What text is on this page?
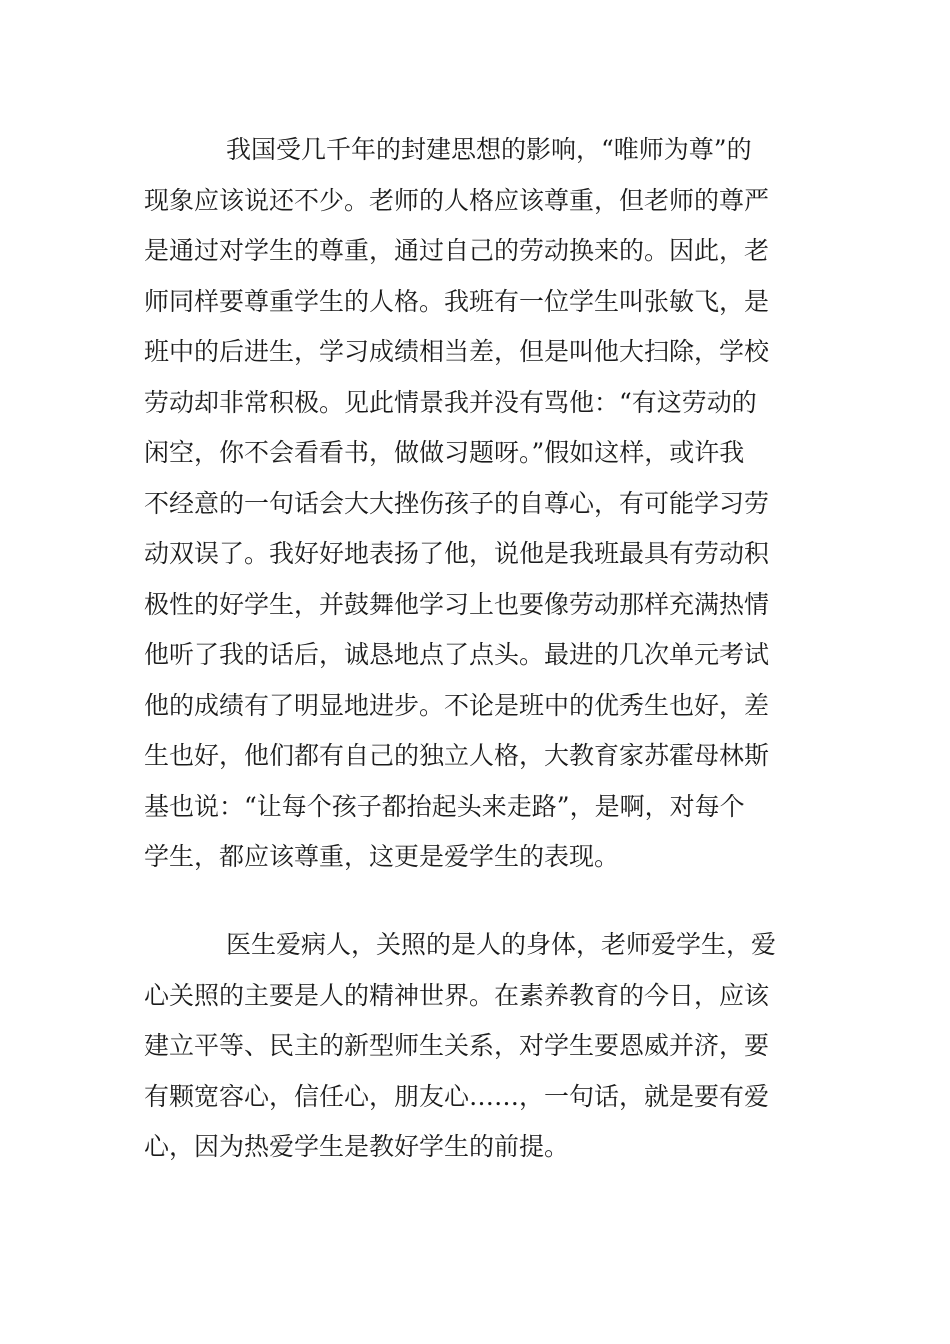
我国受几千年的封建思想的影响，“唯师为尊”的
现象应该说还不少。老师的人格应该尊重，但老师的尊严
是通过对学生的尊重，通过自己的劳动换来的。因此，老
师同样要尊重学生的人格。我班有一位学生叫张敏飞，是
班中的后进生，学习成绩相当差，但是叫他大扫除，学校
劳动却非常积极。见此情景我并没有骂他：“有这劳动的
闲空，你不会看看书，做做习题呀。”假如这样，或许我
不经意的一句话会大大挫伤孩子的自尊心，有可能学习劳
动双误了。我好好地表扬了他，说他是我班最具有劳动积
极性的好学生，并鼓舞他学习上也要像劳动那样充满热情
他听了我的话后，诚恳地点了点头。最进的几次单元考试
他的成绩有了明显地进步。不论是班中的优秀生也好，差
生也好，他们都有自己的独立人格，大教育家苏霍母林斯
基也说：“让每个孩子都抬起头来走路”，是啊，对每个
学生，都应该尊重，这更是爱学生的表现。
医生爱病人，关照的是人的身体，老师爱学生，爱
心关照的主要是人的精神世界。在素养教育的今日，应该
建立平等、民主的新型师生关系，对学生要恩威并济，要
有颗宽容心，信任心，朋友心……，一句话，就是要有爱
心，因为热爱学生是教好学生的前提。
